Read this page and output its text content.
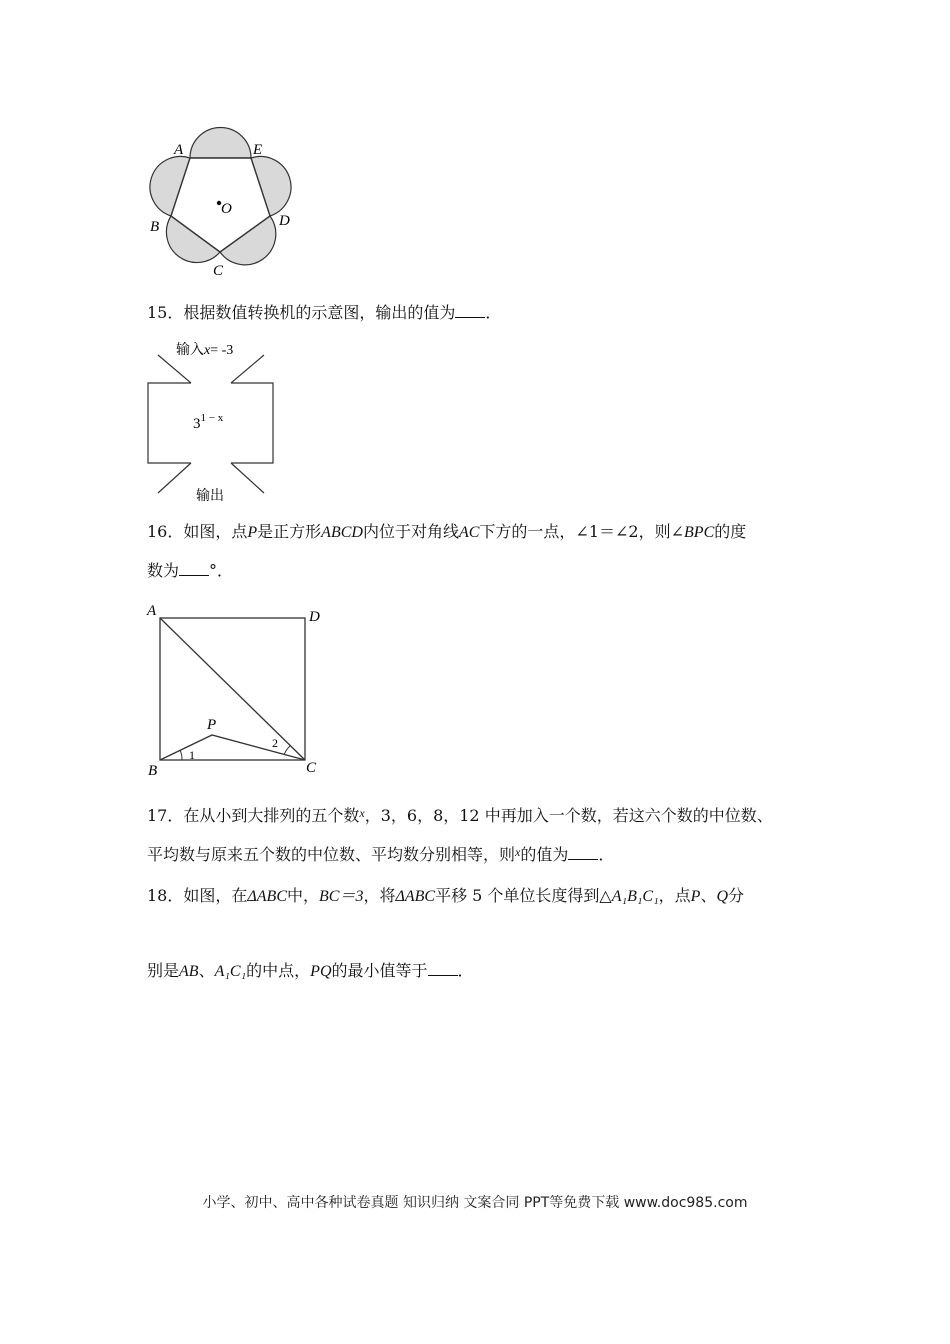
A	E
B	D
C
O
15．根据数值转换机的示意图，输出的值为 ．
输入x= -3
$3^{1 - x}$
输出
16．如图，点P是正方形ABCD内位于对角线AC下方的一点，∠1＝∠2，则∠BPC的度
数为 °．
A	D
B	C
P
1
2
17．在从小到大排列的五个数$^x$，3，6，8，12 中再加入一个数，若这六个数的中位数、
平均数与原来五个数的中位数、平均数分别相等，则$^x$的值为 ．
18．如图，在ΔABC中，BC＝3，将ΔABC平移 5 个单位长度得到△A₁B₁C₁，点P、Q分
别是AB、A₁C₁的中点，PQ的最小值等于 ．
小学、初中、高中各种试卷真题 知识归纳 文案合同 PPT等免费下载 www.doc985.com
